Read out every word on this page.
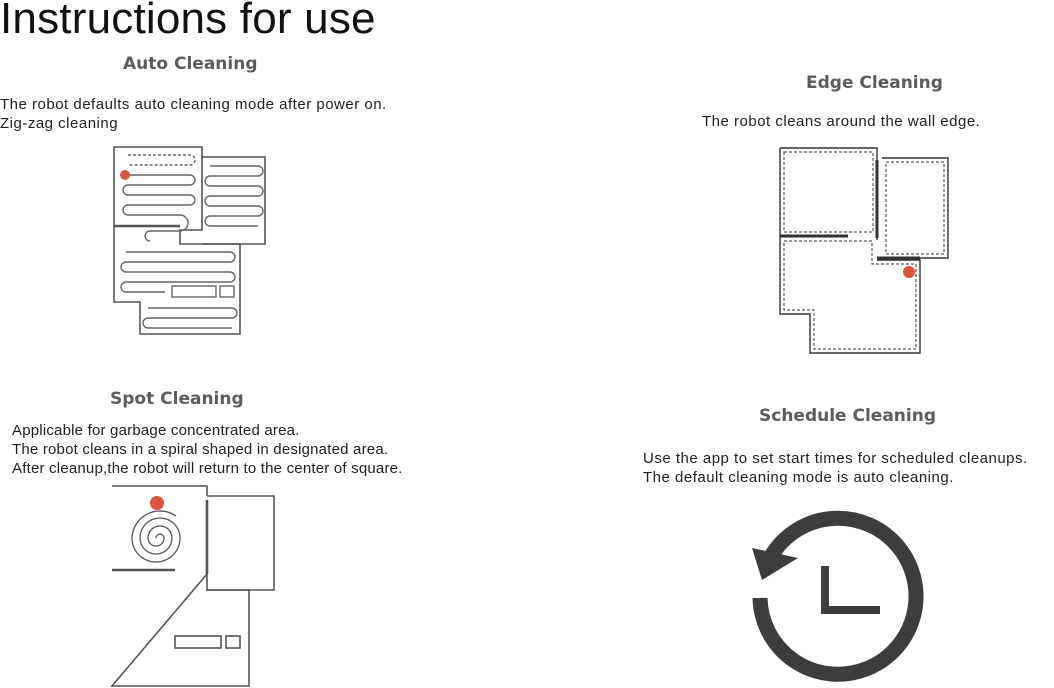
Instructions for use
Auto Cleaning
The robot defaults auto cleaning mode after power on.
Zig-zag cleaning
Edge Cleaning
The robot cleans around the wall edge.
Spot Cleaning
Applicable for garbage concentrated area.
The robot cleans in a spiral shaped in designated area.
After cleanup,the robot will return to the center of square.
Schedule Cleaning
Use the app to set start times for scheduled cleanups.
The default cleaning mode is auto cleaning.
